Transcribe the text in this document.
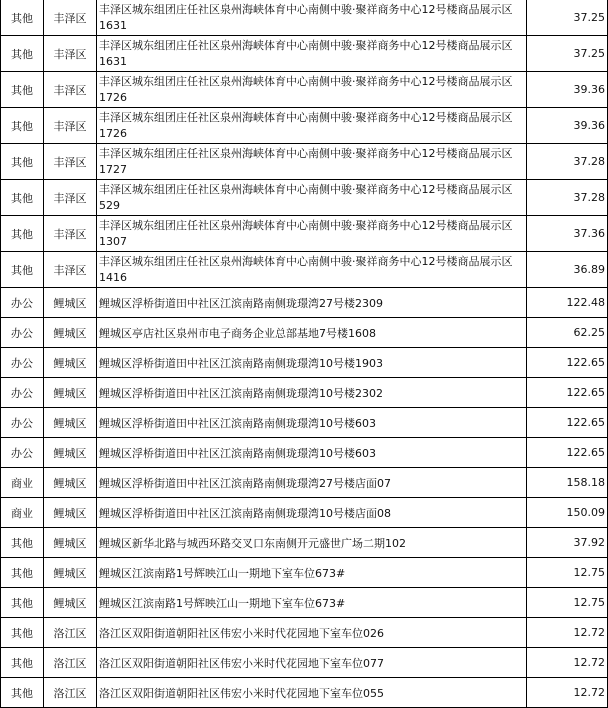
其他	丰泽区	丰泽区城东组团庄任社区泉州海峡体育中心南侧中骏·聚祥商务中心12号楼商品展示区1631	37.25
其他	丰泽区	丰泽区城东组团庄任社区泉州海峡体育中心南侧中骏·聚祥商务中心12号楼商品展示区1631	37.25
其他	丰泽区	丰泽区城东组团庄任社区泉州海峡体育中心南侧中骏·聚祥商务中心12号楼商品展示区1726	39.36
其他	丰泽区	丰泽区城东组团庄任社区泉州海峡体育中心南侧中骏·聚祥商务中心12号楼商品展示区1726	39.36
其他	丰泽区	丰泽区城东组团庄任社区泉州海峡体育中心南侧中骏·聚祥商务中心12号楼商品展示区1727	37.28
其他	丰泽区	丰泽区城东组团庄任社区泉州海峡体育中心南侧中骏·聚祥商务中心12号楼商品展示区529	37.28
其他	丰泽区	丰泽区城东组团庄任社区泉州海峡体育中心南侧中骏·聚祥商务中心12号楼商品展示区1307	37.36
其他	丰泽区	丰泽区城东组团庄任社区泉州海峡体育中心南侧中骏·聚祥商务中心12号楼商品展示区1416	36.89
办公	鲤城区	鲤城区浮桥街道田中社区江滨南路南侧珑璟湾27号楼2309	122.48
办公	鲤城区	鲤城区亭店社区泉州市电子商务企业总部基地7号楼1608	62.25
办公	鲤城区	鲤城区浮桥街道田中社区江滨南路南侧珑璟湾10号楼1903	122.65
办公	鲤城区	鲤城区浮桥街道田中社区江滨南路南侧珑璟湾10号楼2302	122.65
办公	鲤城区	鲤城区浮桥街道田中社区江滨南路南侧珑璟湾10号楼603	122.65
办公	鲤城区	鲤城区浮桥街道田中社区江滨南路南侧珑璟湾10号楼603	122.65
商业	鲤城区	鲤城区浮桥街道田中社区江滨南路南侧珑璟湾27号楼店面07	158.18
商业	鲤城区	鲤城区浮桥街道田中社区江滨南路南侧珑璟湾10号楼店面08	150.09
其他	鲤城区	鲤城区新华北路与城西环路交叉口东南侧开元盛世广场二期102	37.92
其他	鲤城区	鲤城区江滨南路1号辉映江山一期地下室车位673#	12.75
其他	鲤城区	鲤城区江滨南路1号辉映江山一期地下室车位673#	12.75
其他	洛江区	洛江区双阳街道朝阳社区伟宏小米时代花园地下室车位026	12.72
其他	洛江区	洛江区双阳街道朝阳社区伟宏小米时代花园地下室车位077	12.72
其他	洛江区	洛江区双阳街道朝阳社区伟宏小米时代花园地下室车位055	12.72
